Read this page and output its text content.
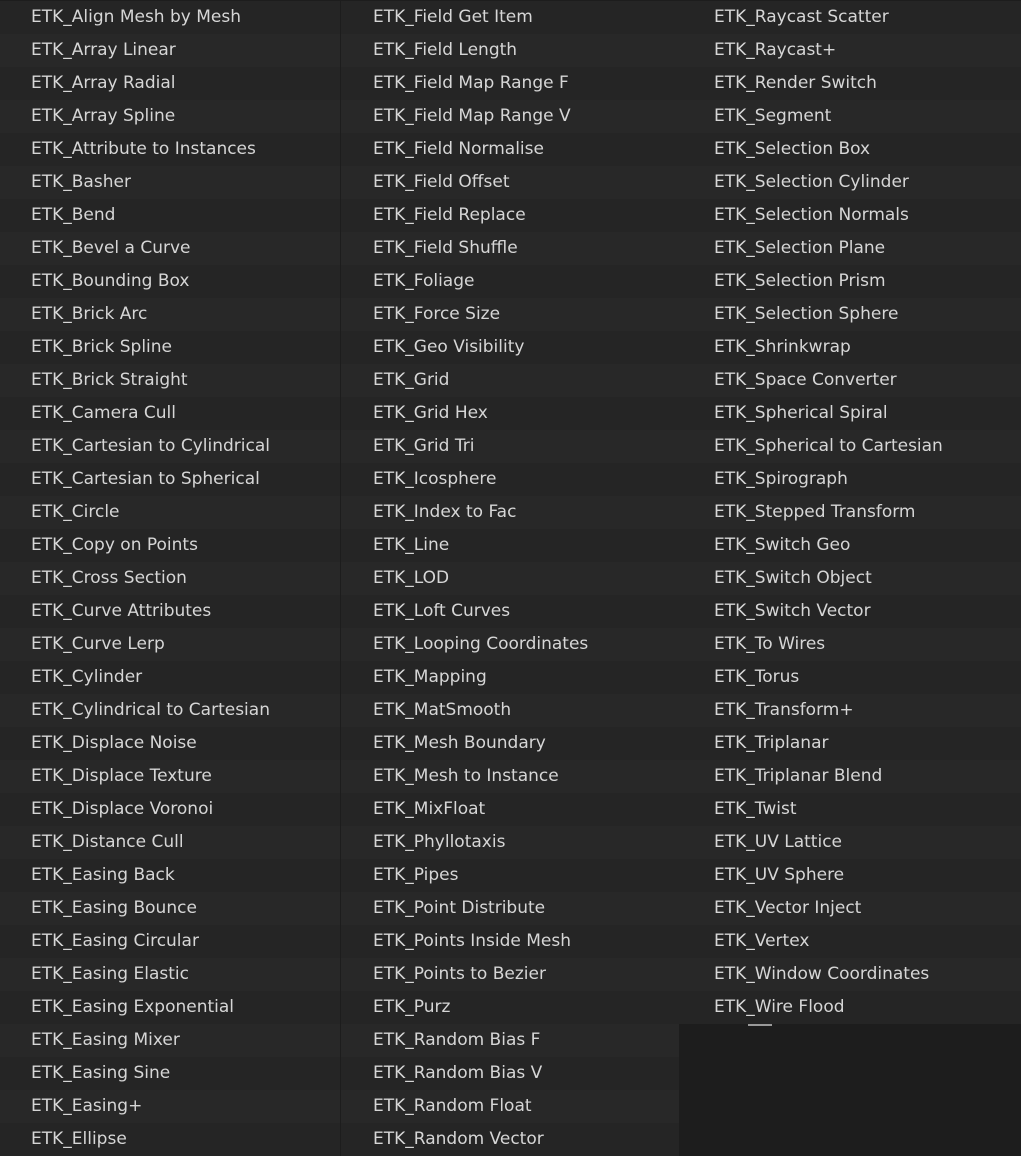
ETK_Align Mesh by Mesh
ETK_Array Linear
ETK_Array Radial
ETK_Array Spline
ETK_Attribute to Instances
ETK_Basher
ETK_Bend
ETK_Bevel a Curve
ETK_Bounding Box
ETK_Brick Arc
ETK_Brick Spline
ETK_Brick Straight
ETK_Camera Cull
ETK_Cartesian to Cylindrical
ETK_Cartesian to Spherical
ETK_Circle
ETK_Copy on Points
ETK_Cross Section
ETK_Curve Attributes
ETK_Curve Lerp
ETK_Cylinder
ETK_Cylindrical to Cartesian
ETK_Displace Noise
ETK_Displace Texture
ETK_Displace Voronoi
ETK_Distance Cull
ETK_Easing Back
ETK_Easing Bounce
ETK_Easing Circular
ETK_Easing Elastic
ETK_Easing Exponential
ETK_Easing Mixer
ETK_Easing Sine
ETK_Easing+
ETK_Ellipse
ETK_Field Get Item
ETK_Field Length
ETK_Field Map Range F
ETK_Field Map Range V
ETK_Field Normalise
ETK_Field Offset
ETK_Field Replace
ETK_Field Shuffle
ETK_Foliage
ETK_Force Size
ETK_Geo Visibility
ETK_Grid
ETK_Grid Hex
ETK_Grid Tri
ETK_Icosphere
ETK_Index to Fac
ETK_Line
ETK_LOD
ETK_Loft Curves
ETK_Looping Coordinates
ETK_Mapping
ETK_MatSmooth
ETK_Mesh Boundary
ETK_Mesh to Instance
ETK_MixFloat
ETK_Phyllotaxis
ETK_Pipes
ETK_Point Distribute
ETK_Points Inside Mesh
ETK_Points to Bezier
ETK_Purz
ETK_Random Bias F
ETK_Random Bias V
ETK_Random Float
ETK_Random Vector
ETK_Raycast Scatter
ETK_Raycast+
ETK_Render Switch
ETK_Segment
ETK_Selection Box
ETK_Selection Cylinder
ETK_Selection Normals
ETK_Selection Plane
ETK_Selection Prism
ETK_Selection Sphere
ETK_Shrinkwrap
ETK_Space Converter
ETK_Spherical Spiral
ETK_Spherical to Cartesian
ETK_Spirograph
ETK_Stepped Transform
ETK_Switch Geo
ETK_Switch Object
ETK_Switch Vector
ETK_To Wires
ETK_Torus
ETK_Transform+
ETK_Triplanar
ETK_Triplanar Blend
ETK_Twist
ETK_UV Lattice
ETK_UV Sphere
ETK_Vector Inject
ETK_Vertex
ETK_Window Coordinates
ETK_Wire Flood
